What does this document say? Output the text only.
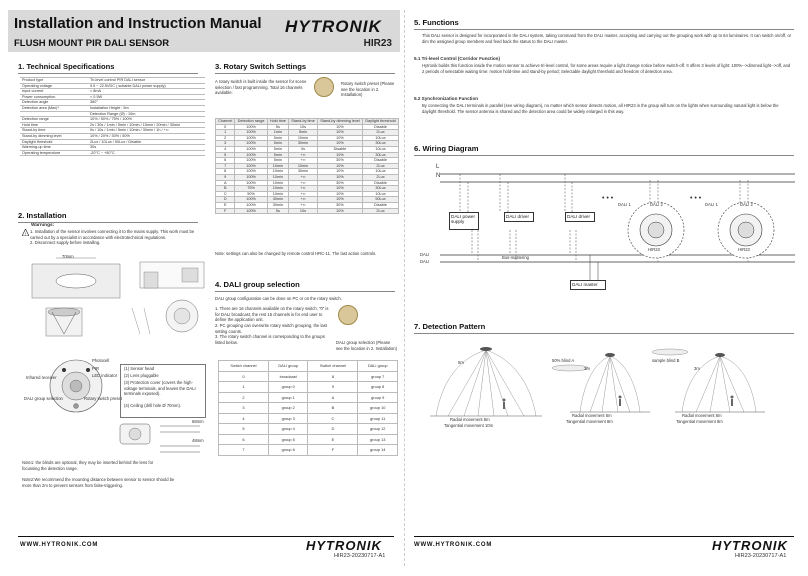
Installation and Instruction Manual HYTRONIK
FLUSH MOUNT PIR DALI SENSOR	HIR23
1. Technical Specifications
Product type	Tri-level control PIR DALI sensor
Operating voltage	9.5 ~ 22.5VDC ( suitable DALI power supply)
Input current	< 8mA
Power consumption	< 0.5W
Detection angle	360°
Detection area (Max)*	Installation Height : 5m
	Detection Range (Ø) : 10m
Detection range	10% / 50% / 75% / 100%
Hold time	2s / 30s / 1min / 5min / 10min / 15min / 20min / 30min
Stand-by time	0s / 10s / 1min / 5min / 10min / 30min / 1h / +∞
Stand-by dimming level	10% / 20% / 30% / 50%
Daylight threshold	2Lux / 10Lux / 50Lux / Disable
Warming-up time	30s
Operating temperature	-20°C ~ +50°C
2. Installation
!
Warnings:
1. Installation of the sensor involves connecting it to the mains supply. This work must be carried out by a specialist in accordance with electrotechnical regulations.
2. Disconnect supply before installing.
70mm
Photocell
PIR
LED indicator
Infrared receiver
DALI group selection	Rotary switch preset
(1) Sensor head
(2) Lens pluggable
(3) Protection cover (covers the high-voltage terminals, and leaves the DALI terminals exposed).
(4) Ceiling (drill hole Ø 70mm).
68mm
48mm
Note1: the blinds are optional, they may be inserted behind the lens for focussing the detection range.
Note2:We recommend the mounting distance between sensor to sensor should be more than 2m to prevent sensors from false-triggering.
3. Rotary Switch Settings
A rotary switch is built inside the sensor for scene selection / fast programming. Total 16 channels available:
Rotary switch preset (Please see the location in 2. Installation)
Channel	Detection range	Hold time	Stand-by time	Stand-by dimming level	Daylight threshold
0	100%	5s	10s	10%	Disable
1	100%	1min	5min	10%	2Lux
2	100%	5min	10min	10%	10Lux
3	100%	5min	30min	10%	30Lux
4	100%	5min	0s	Disable	10Lux
5	100%	5min	+∞	10%	30Lux
6	100%	5min	+∞	30%	Disable
7	100%	10min	10min	10%	2Lux
8	100%	10min	30min	10%	10Lux
9	100%	10min	+∞	10%	2Lux
A	100%	10min	+∞	30%	Disable
B	75%	10min	+∞	10%	30Lux
C	50%	10min	+∞	10%	10Lux
D	100%	30min	+∞	10%	50Lux
E	100%	30min	+∞	30%	Disable
F	100%	5s	10s	10%	2Lux
Note: settings can also be changed by remote control HRC-11. The last action controls.
4. DALI group selection
DALI group configuration can be done on PC or on the rotary switch.
1. There are 16 channels available on the rotary switch, "0" is for DALI broadcast, the rest 15 channels is for end user to define the application unit.
2. PC grouping can overwrite rotary switch grouping, the last setting counts.
3. The rotary switch channel is corresponding to the groups listed below.	DALI group selection (Please see the location in 2. Installation)
Switch channel	DALI group	Switch channel	DALI group
0	broadcast	8	group 7
1	group 0	9	group 8
2	group 1	A	group 9
3	group 2	B	group 10
4	group 3	C	group 11
5	group 4	D	group 12
6	group 5	E	group 13
7	group 6	F	group 14
WWW.HYTRONIK.COM	HYTRONIK
HIR23-20230717-A1
5. Functions
This DALI sensor is designed for incorporated in the DALI system, taking command from the DALI master, accepting and carrying out the grouping work with up to 64 luminaires. It can switch on/off, or dim the assigned group members and feed back the status to the DALI master.
5.1 Tri-level Control (Corridor Function)
Hytronik builds this function inside the motion sensor to achieve tri-level control, for some areas require a light change notice before switch-off. It offers 3 levels of light: 100%-->dimmed light-->off, and 2 periods of selectable waiting time: motion hold-time and stand-by period; Selectable daylight threshold and freedom of detection area.
5.2 Synchronization Function
By connecting the DALI terminals in parallel (see wiring diagram), no matter which sensor detects motion, all HIR23 in the group will turn on the lights when surrounding natural light is below the daylight threshold. The sensor antenna is shared and the detection area could be widely enlarged in this way.
6. Wiring Diagram
L
N
DALI power supply
DALI driver	DALI driver
• • •
DALI 1	DALI 2
• • •
DALI 1	DALI 2
DALI
DALI
Bus-mastering
HIR23	HIR23
DALI master
7. Detection Pattern
5m
3m	3m
Radial movement 8m
Tangential movement 10m
Radial movement 6m
Tangential movement 8m
Radial movement 6m
Tangential movement 8m
50% blind A	sample blind B
WWW.HYTRONIK.COM	HYTRONIK
HIR23-20230717-A1
